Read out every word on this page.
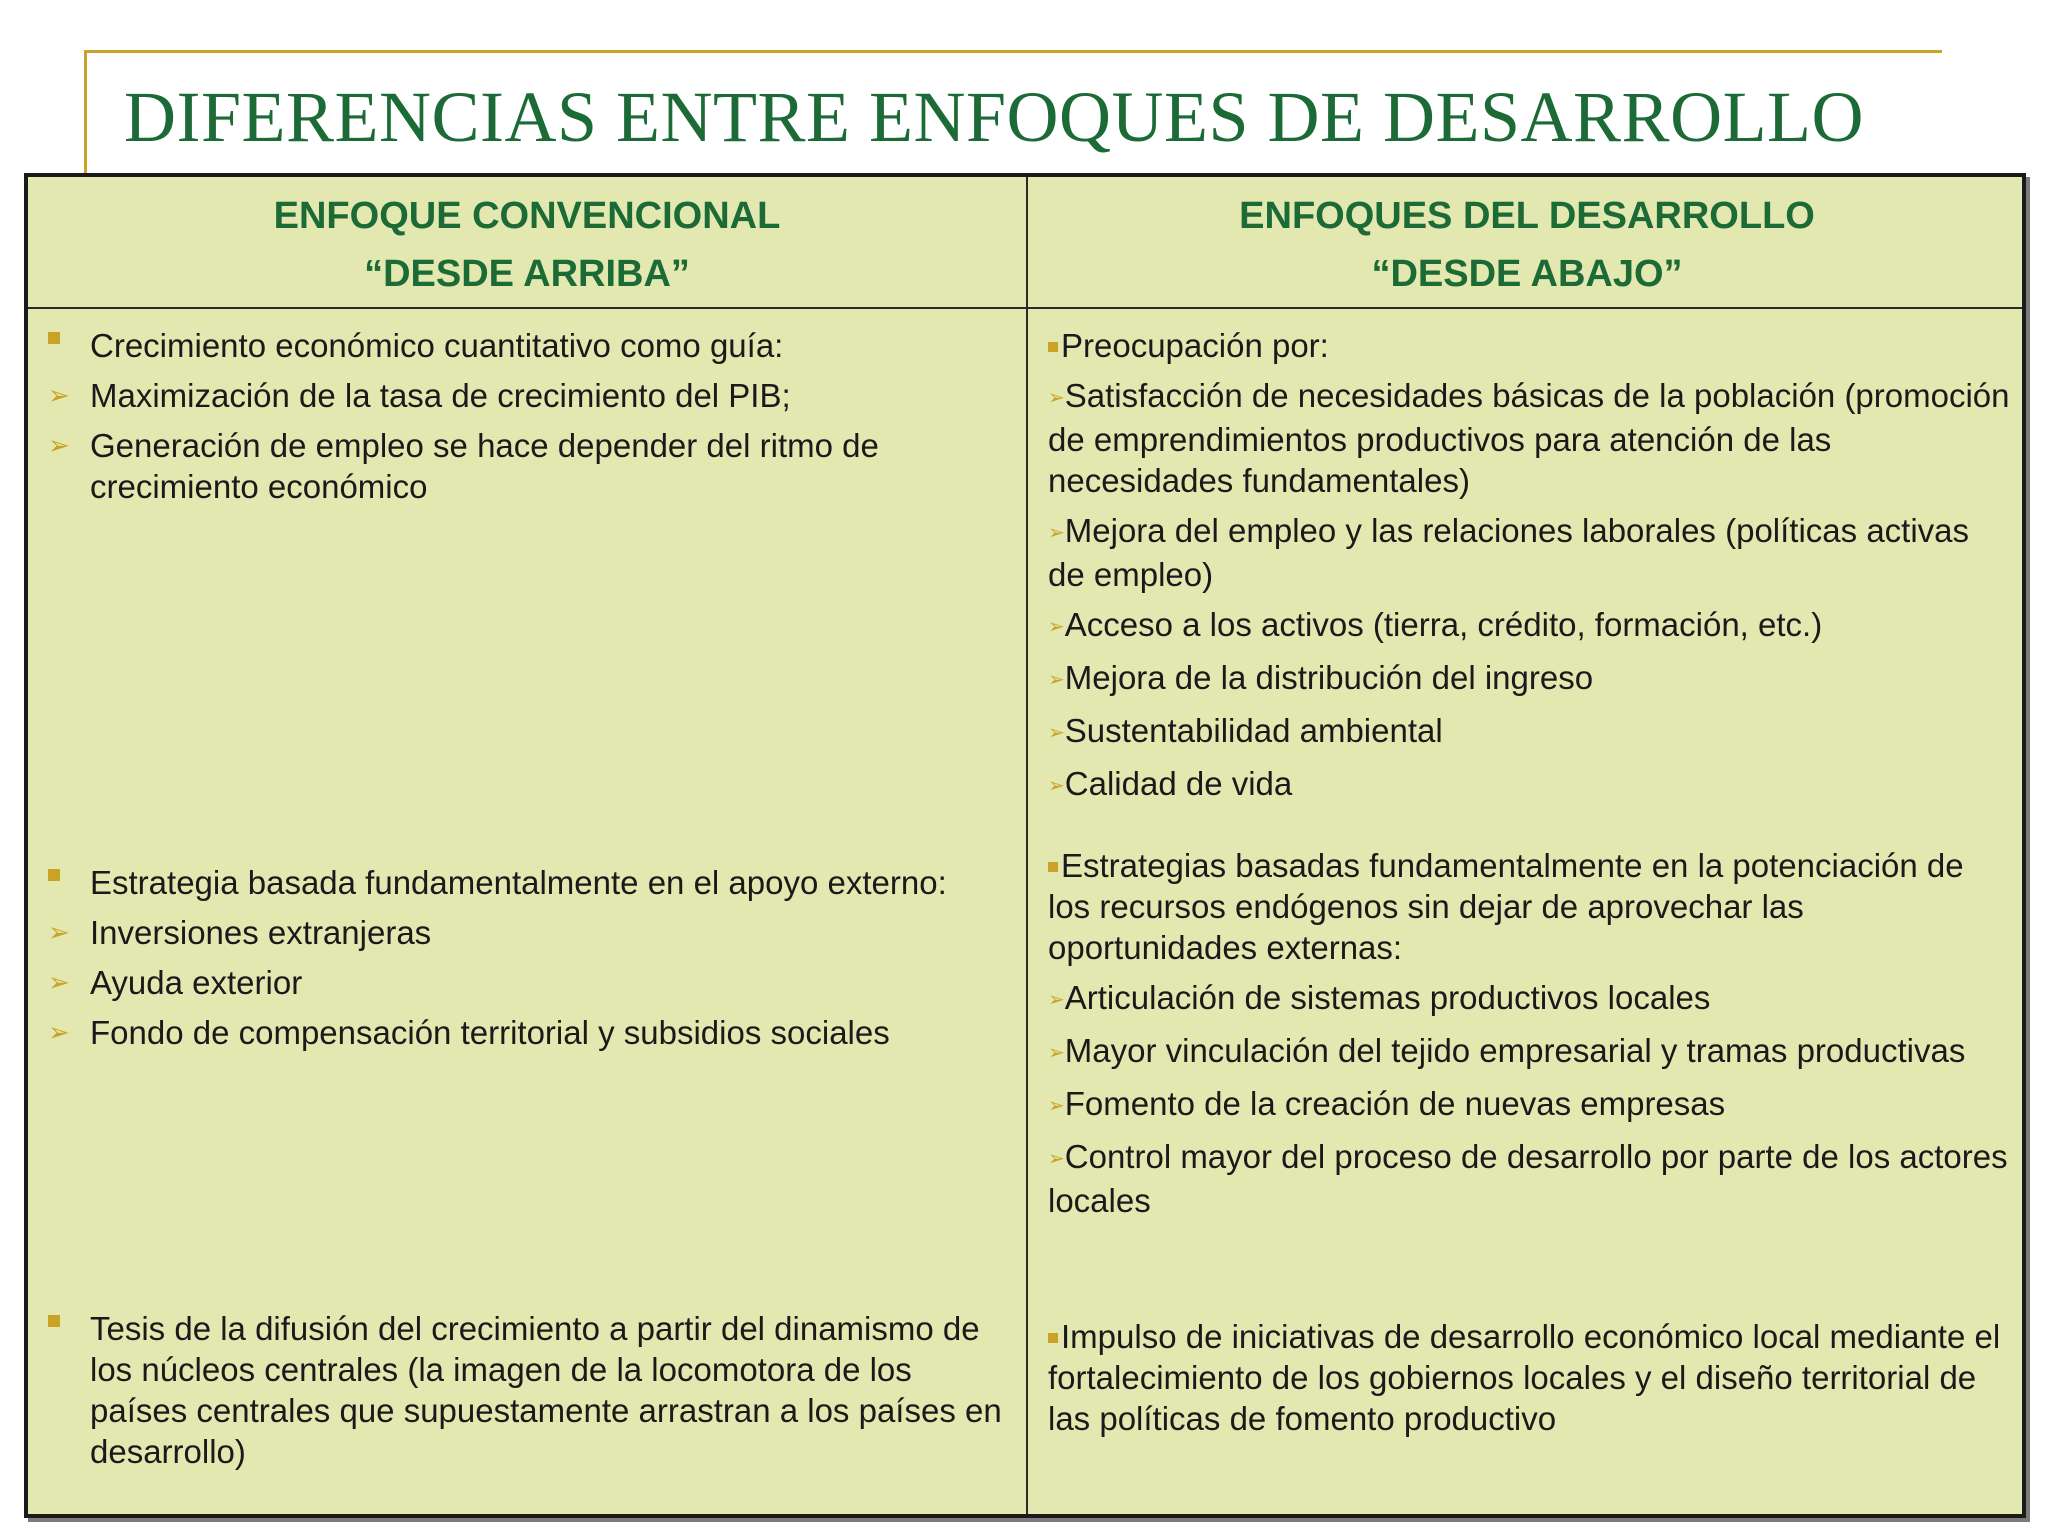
DIFERENCIAS ENTRE ENFOQUES DE DESARROLLO
ENFOQUE CONVENCIONAL
“DESDE ARRIBA”
ENFOQUES DEL DESARROLLO
“DESDE ABAJO”
Crecimiento económico cuantitativo como guía:
➢ Maximización de la tasa de crecimiento del PIB;
➢ Generación de empleo se hace depender del ritmo de crecimiento económico
Estrategia basada fundamentalmente en el apoyo externo:
➢ Inversiones extranjeras
➢ Ayuda exterior
➢ Fondo de compensación territorial y subsidios sociales
Tesis de la difusión del crecimiento a partir del dinamismo de los núcleos centrales (la imagen de la locomotora de los países centrales que supuestamente arrastran a los países en desarrollo)
Preocupación por:
➢Satisfacción de necesidades básicas de la población (promoción de emprendimientos productivos para atención de las necesidades fundamentales)
➢Mejora del empleo y las relaciones laborales (políticas activas de empleo)
➢Acceso a los activos (tierra, crédito, formación, etc.)
➢Mejora de la distribución del ingreso
➢Sustentabilidad ambiental
➢Calidad de vida
Estrategias basadas fundamentalmente en la potenciación de los recursos endógenos sin dejar de aprovechar las oportunidades externas:
➢Articulación de sistemas productivos locales
➢Mayor vinculación del tejido empresarial y tramas productivas
➢Fomento de la creación de nuevas empresas
➢Control mayor del proceso de desarrollo por parte de los actores locales
Impulso de iniciativas de desarrollo económico local mediante el fortalecimiento de los gobiernos locales y el diseño territorial de las políticas de fomento productivo
